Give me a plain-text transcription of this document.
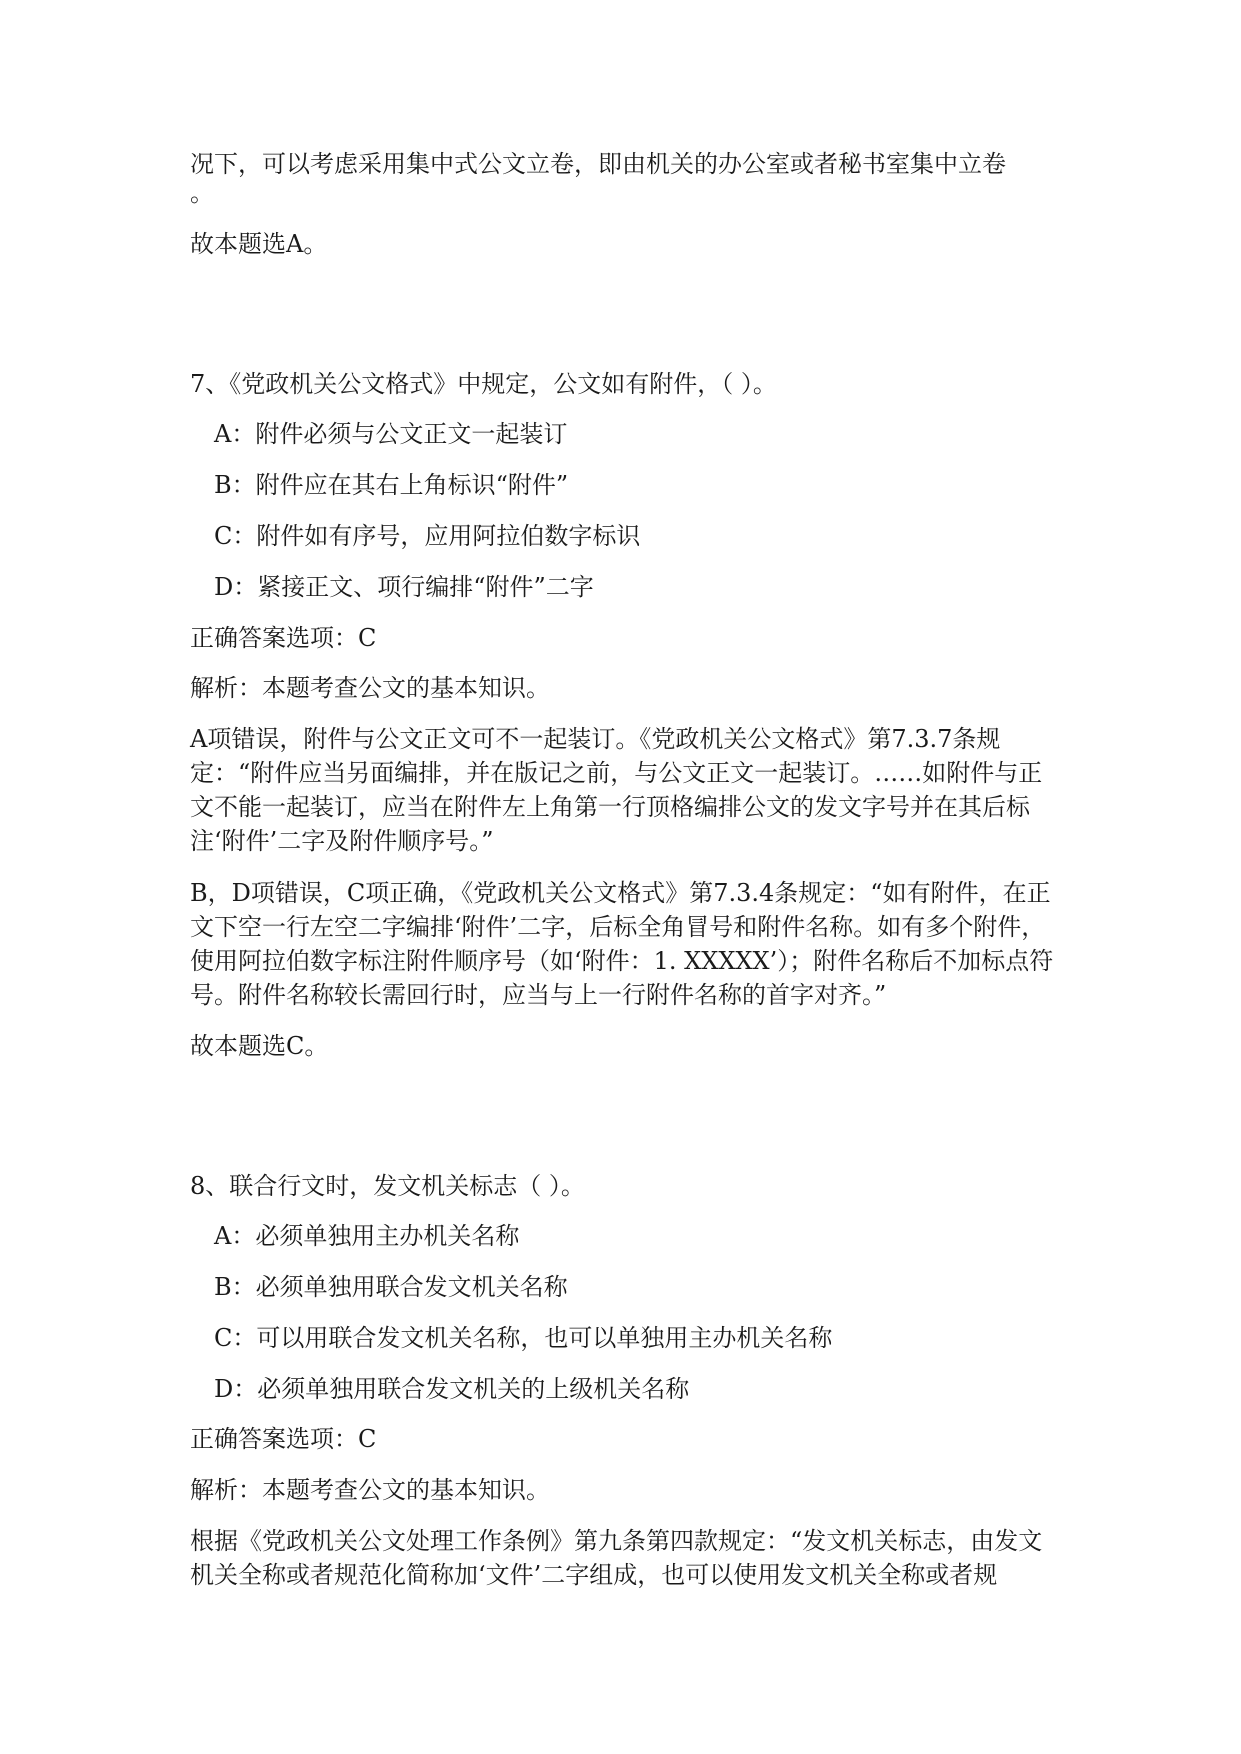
况下，可以考虑采用集中式公文立卷，即由机关的办公室或者秘书室集中立卷

。

故本题选A。

7、《党政机关公文格式》中规定，公文如有附件，（ ）。

A：附件必须与公文正文一起装订

B：附件应在其右上角标识“附件”

C：附件如有序号，应用阿拉伯数字标识

D：紧接正文、项行编排“附件”二字

正确答案选项：C

解析：本题考查公文的基本知识。

A项错误，附件与公文正文可不一起装订。《党政机关公文格式》第7.3.7条规定：“附件应当另面编排，并在版记之前，与公文正文一起装订。……如附件与正文不能一起装订，应当在附件左上角第一行顶格编排公文的发文字号并在其后标注‘附件’二字及附件顺序号。”

B，D项错误，C项正确，《党政机关公文格式》第7.3.4条规定：“如有附件，在正文下空一行左空二字编排‘附件’二字，后标全角冒号和附件名称。如有多个附件，使用阿拉伯数字标注附件顺序号（如‘附件：1. XXXXX’）；附件名称后不加标点符号。附件名称较长需回行时，应当与上一行附件名称的首字对齐。”

故本题选C。

8、联合行文时，发文机关标志（ ）。

A：必须单独用主办机关名称

B：必须单独用联合发文机关名称

C：可以用联合发文机关名称，也可以单独用主办机关名称

D：必须单独用联合发文机关的上级机关名称

正确答案选项：C

解析：本题考查公文的基本知识。

根据《党政机关公文处理工作条例》第九条第四款规定：“发文机关标志，由发文机关全称或者规范化简称加‘文件’二字组成，也可以使用发文机关全称或者规
